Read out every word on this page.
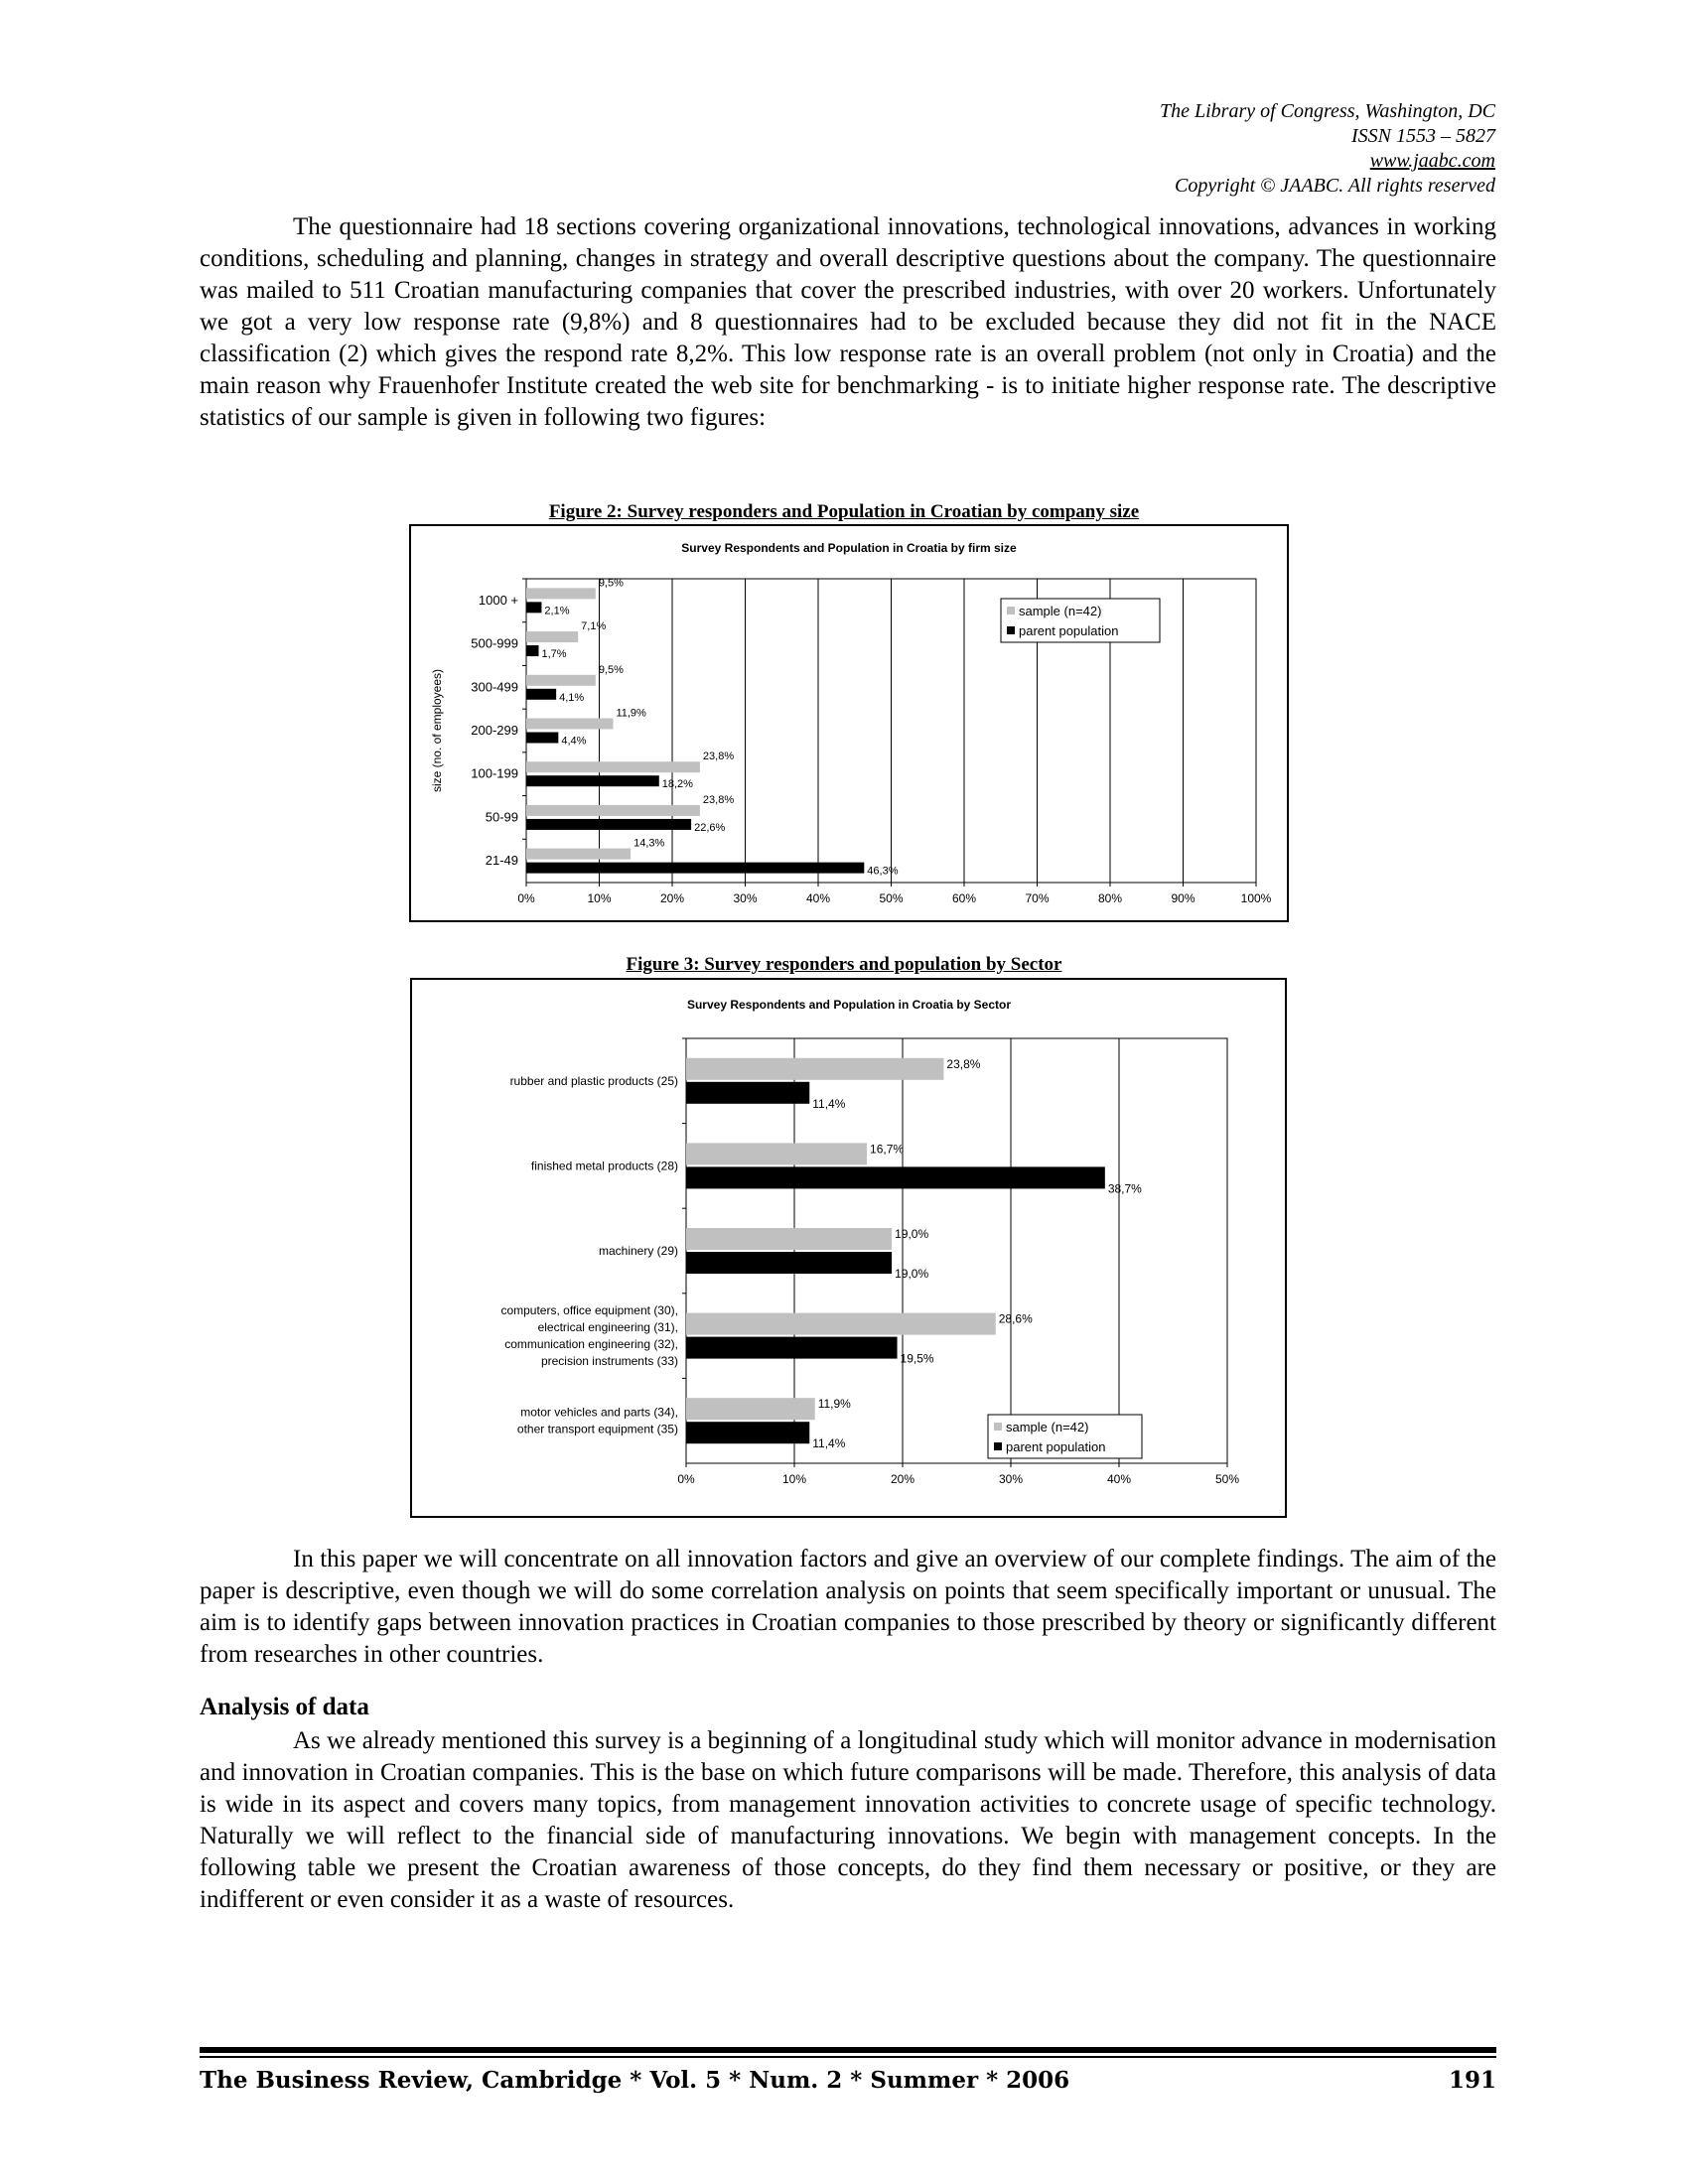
The Library of Congress, Washington, DC
ISSN 1553 – 5827
www.jaabc.com
Copyright © JAABC. All rights reserved

The questionnaire had 18 sections covering organizational innovations, technological innovations, advances in working conditions, scheduling and planning, changes in strategy and overall descriptive questions about the company. The questionnaire was mailed to 511 Croatian manufacturing companies that cover the prescribed industries, with over 20 workers. Unfortunately we got a very low response rate (9,8%) and 8 questionnaires had to be excluded because they did not fit in the NACE classification (2) which gives the respond rate 8,2%. This low response rate is an overall problem (not only in Croatia) and the main reason why Frauenhofer Institute created the web site for benchmarking - is to initiate higher response rate. The descriptive statistics of our sample is given in following two figures:

Figure 2: Survey responders and Population in Croatian by company size
Survey Respondents and Population in Croatia by firm size
0%	10%	20%	30%	40%	50%	60%	70%	80%	90%	100%
1000 +
9,5%
2,1%
500-999
7,1%
1,7%
300-499
9,5%
4,1%
200-299
11,9%
4,4%
100-199
23,8%
18,2%
50-99
23,8%
22,6%
21-49
14,3%
46,3%
size (no. of employees)
sample (n=42)
parent population
Figure 3: Survey responders and population by Sector
Survey Respondents and Population in Croatia by Sector
0%	10%	20%	30%	40%	50%
rubber and plastic products (25)
23,8%
11,4%
finished metal products (28)
16,7%
38,7%
machinery (29)
19,0%
19,0%
computers, office equipment (30),
electrical engineering (31),
communication engineering (32),
precision instruments (33)
28,6%
19,5%
motor vehicles and parts (34),
other transport equipment (35)
11,9%
11,4%
sample (n=42)
parent population

In this paper we will concentrate on all innovation factors and give an overview of our complete findings. The aim of the paper is descriptive, even though we will do some correlation analysis on points that seem specifically important or unusual. The aim is to identify gaps between innovation practices in Croatian companies to those prescribed by theory or significantly different from researches in other countries.

Analysis of data

As we already mentioned this survey is a beginning of a longitudinal study which will monitor advance in modernisation and innovation in Croatian companies. This is the base on which future comparisons will be made. Therefore, this analysis of data is wide in its aspect and covers many topics, from management innovation activities to concrete usage of specific technology. Naturally we will reflect to the financial side of manufacturing innovations. We begin with management concepts. In the following table we present the Croatian awareness of those concepts, do they find them necessary or positive, or they are indifferent or even consider it as a waste of resources.

The Business Review, Cambridge * Vol. 5 * Num. 2 * Summer * 2006	191
